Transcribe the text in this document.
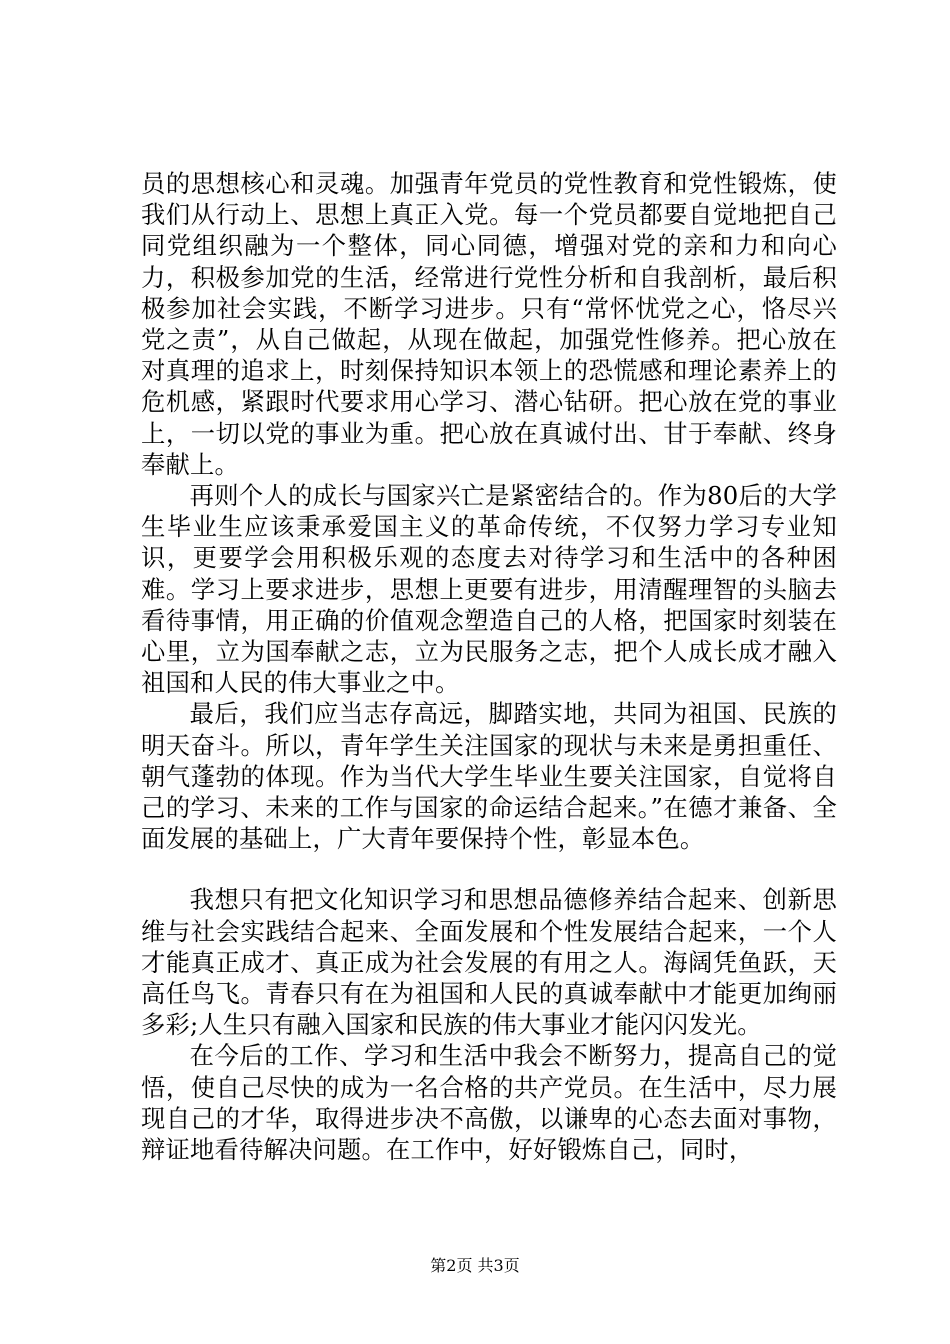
员的思想核心和灵魂。加强青年党员的党性教育和党性锻炼，使我们从行动上、思想上真正入党。每一个党员都要自觉地把自己同党组织融为一个整体，同心同德，增强对党的亲和力和向心力，积极参加党的生活，经常进行党性分析和自我剖析，最后积极参加社会实践，不断学习进步。只有“常怀忧党之心，恪尽兴党之责”，从自己做起，从现在做起，加强党性修养。把心放在对真理的追求上，时刻保持知识本领上的恐慌感和理论素养上的危机感，紧跟时代要求用心学习、潜心钻研。把心放在党的事业上，一切以党的事业为重。把心放在真诚付出、甘于奉献、终身奉献上。

再则个人的成长与国家兴亡是紧密结合的。作为80后的大学生毕业生应该秉承爱国主义的革命传统，不仅努力学习专业知识，更要学会用积极乐观的态度去对待学习和生活中的各种困难。学习上要求进步，思想上更要有进步，用清醒理智的头脑去看待事情，用正确的价值观念塑造自己的人格，把国家时刻装在心里，立为国奉献之志，立为民服务之志，把个人成长成才融入祖国和人民的伟大事业之中。

最后，我们应当志存高远，脚踏实地，共同为祖国、民族的明天奋斗。所以，青年学生关注国家的现状与未来是勇担重任、朝气蓬勃的体现。作为当代大学生毕业生要关注国家，自觉将自己的学习、未来的工作与国家的命运结合起来。”在德才兼备、全面发展的基础上，广大青年要保持个性，彰显本色。

我想只有把文化知识学习和思想品德修养结合起来、创新思维与社会实践结合起来、全面发展和个性发展结合起来，一个人才能真正成才、真正成为社会发展的有用之人。海阔凭鱼跃，天高任鸟飞。青春只有在为祖国和人民的真诚奉献中才能更加绚丽多彩;人生只有融入国家和民族的伟大事业才能闪闪发光。

在今后的工作、学习和生活中我会不断努力，提高自己的觉悟，使自己尽快的成为一名合格的共产党员。在生活中，尽力展现自己的才华，取得进步决不高傲，以谦卑的心态去面对事物，辩证地看待解决问题。在工作中，好好锻炼自己，同时，

第2页 共3页
